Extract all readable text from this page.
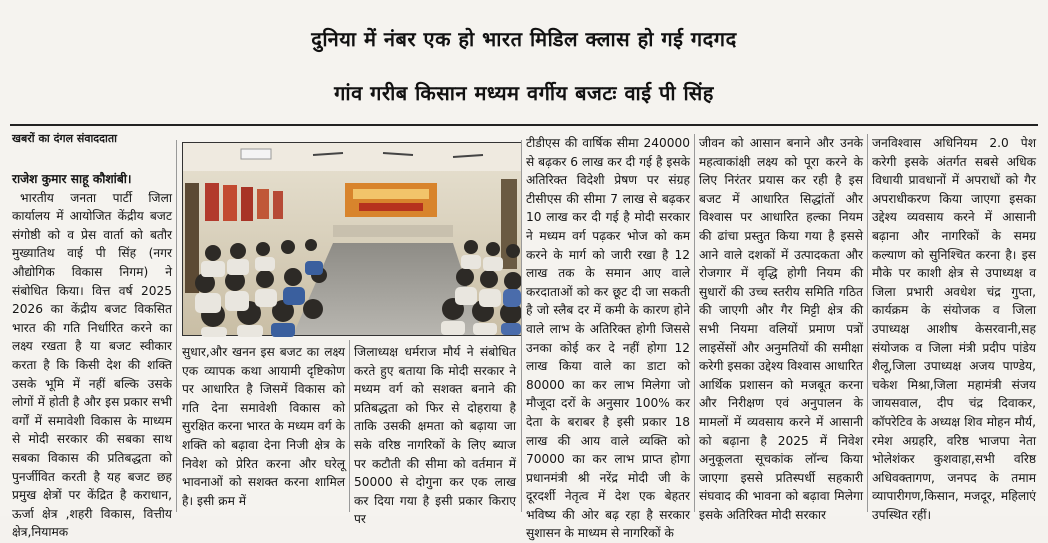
दुनिया में नंबर एक हो भारत मिडिल क्लास हो गई गदगद
गांव गरीब किसान मध्यम वर्गीय बजटः वाई पी सिंह
खबरों का दंगल संवाददाता

राजेश कुमार साहू कौशांबी।

भारतीय जनता पार्टी जिला कार्यालय में आयोजित केंद्रीय बजट संगोष्ठी को व प्रेस वार्ता को बतौर मुख्यातिथ वाई पी सिंह (नगर औद्योगिक विकास निगम) ने संबोधित किया। वित्त वर्ष 2025 2026 का केंद्रीय बजट विकसित भारत की गति निर्धारित करने का लक्ष्य रखता है या बजट स्वीकार करता है कि किसी देश की शक्ति उसके भूमि में नहीं बल्कि उसके लोगों में होती है और इस प्रकार सभी वर्गों में समावेशी विकास के माध्यम से मोदी सरकार की सबका साथ सबका विकास की प्रतिबद्धता को पुनर्जीवित करती है यह बजट छह प्रमुख क्षेत्रों पर केंद्रित है कराधान, ऊर्जा क्षेत्र ,शहरी विकास, वित्तीय क्षेत्र,नियामक

सुधार,और खनन इस बजट का लक्ष्य एक व्यापक कथा आयामी दृष्टिकोण पर आधारित है जिसमें विकास को गति देना समावेशी विकास को सुरक्षित करना भारत के मध्यम वर्ग के शक्ति को बढ़ावा देना निजी क्षेत्र के निवेश को प्रेरित करना और घरेलू भावनाओं को सशक्त करना शामिल है। इसी क्रम में

जिलाध्यक्ष धर्मराज मौर्य ने संबोधित करते हुए बताया कि मोदी सरकार ने मध्यम वर्ग को सशक्त बनाने की प्रतिबद्धता को फिर से दोहराया है ताकि उसकी क्षमता को बढ़ाया जा सके वरिष्ठ नागरिकों के लिए ब्याज पर कटौती की सीमा को वर्तमान में 50000 से दोगुना कर एक लाख कर दिया गया है इसी प्रकार किराए पर

टीडीएस की वार्षिक सीमा 240000 से बढ़कर 6 लाख कर दी गई है इसके अतिरिक्त विदेशी प्रेषण पर संग्रह टीसीएस की सीमा 7 लाख से बढ़कर 10 लाख कर दी गई है मोदी सरकार ने मध्यम वर्ग पढ़कर भोज को कम करने के मार्ग को जारी रखा है 12 लाख तक के समान आए वाले करदाताओं को कर छूट दी जा सकती है जो स्लैब दर में कमी के कारण होने वाले लाभ के अतिरिक्त होगी जिससे उनका कोई कर दे नहीं होगा 12 लाख किया वाले का डाटा को 80000 का कर लाभ मिलेगा जो मौजूदा दरों के अनुसार 100% कर देता के बराबर है इसी प्रकार 18 लाख की आय वाले व्यक्ति को 70000 का कर लाभ प्राप्त होगा प्रधानमंत्री श्री नरेंद्र मोदी जी के दूरदर्शी नेतृत्व में देश एक बेहतर भविष्य की ओर बढ़ रहा है सरकार सुशासन के माध्यम से नागरिकों के

जीवन को आसान बनाने और उनके महत्वाकांक्षी लक्ष्य को पूरा करने के लिए निरंतर प्रयास कर रही है इस बजट में आधारित सिद्धांतों और विश्वास पर आधारित हल्का नियम की ढांचा प्रस्तुत किया गया है इससे आने वाले दशकों में उत्पादकता और रोजगार में वृद्धि होगी नियम की सुधारों की उच्च स्तरीय समिति गठित की जाएगी और गैर मिट्टी क्षेत्र की सभी नियमा वलियों प्रमाण पत्रों लाइसेंसों और अनुमतियों की समीक्षा करेगी इसका उद्देश्य विश्वास आधारित आर्थिक प्रशासन को मजबूत करना और निरीक्षण एवं अनुपालन के मामलों में व्यवसाय करने में आसानी को बढ़ाना है 2025 में निवेश अनुकूलता सूचकांक लॉन्च किया जाएगा इससे प्रतिस्पर्धी सहकारी संघवाद की भावना को बढ़ावा मिलेगा इसके अतिरिक्त मोदी सरकार

जनविश्वास अधिनियम 2.0 पेश करेगी इसके अंतर्गत सबसे अधिक विधायी प्रावधानों में अपराधों को गैर अपराधीकरण किया जाएगा इसका उद्देश्य व्यवसाय करने में आसानी बढ़ाना और नागरिकों के समग्र कल्याण को सुनिश्चित करना है। इस मौके पर काशी क्षेत्र से उपाध्यक्ष व जिला प्रभारी अवधेश चंद्र गुप्ता, कार्यक्रम के संयोजक व जिला उपाध्यक्ष आशीष केसरवानी,सह संयोजक व जिला मंत्री प्रदीप पांडेय शैलू,जिला उपाध्यक्ष अजय पाण्डेय, चकेश मिश्रा,जिला महामंत्री संजय जायसवाल, दीप चंद्र दिवाकर, कॉपरेटिव के अध्यक्ष शिव मोहन मौर्य, रमेश अग्रहरि, वरिष्ठ भाजपा नेता भोलेशंकर कुशवाहा,सभी वरिष्ठ अधिवक्तागण, जनपद के तमाम व्यापारीगण,किसान, मजदूर, महिलाएं उपस्थित रहीं।
